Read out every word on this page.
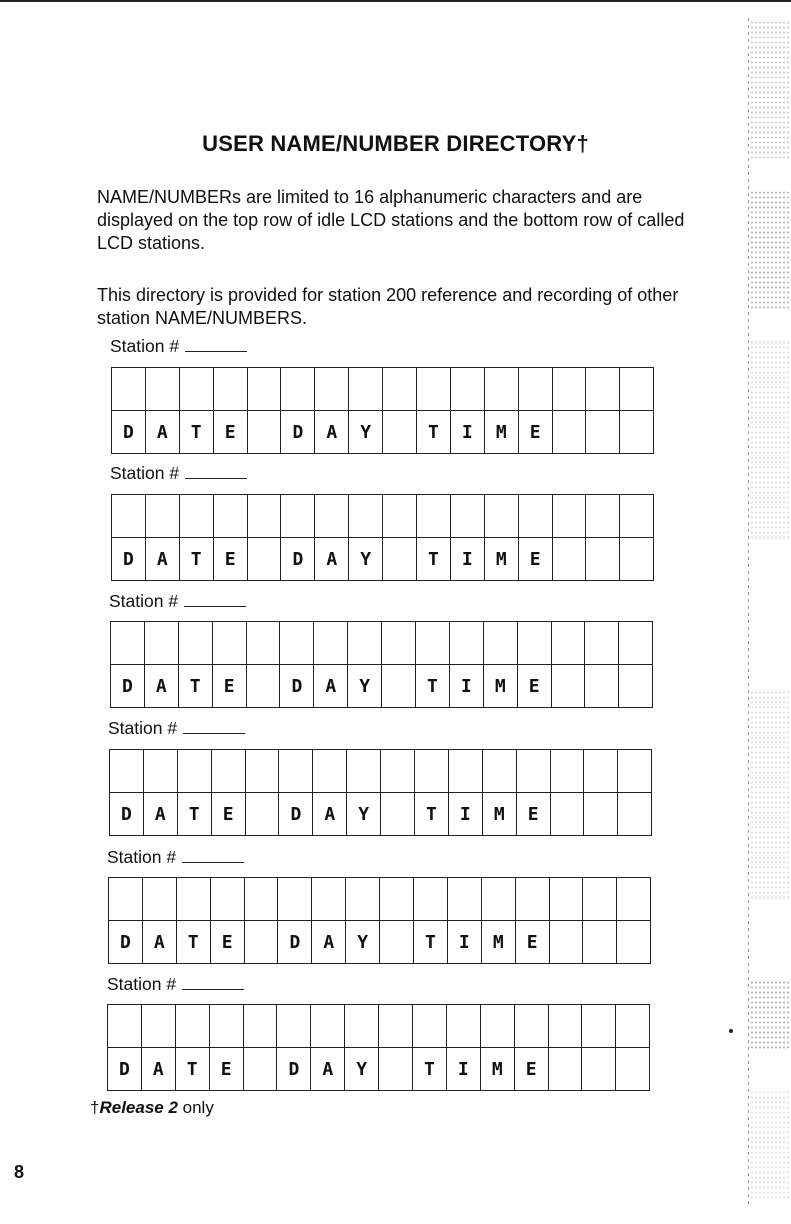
USER NAME/NUMBER DIRECTORY†
NAME/NUMBERs are limited to 16 alphanumeric characters and are displayed on the top row of idle LCD stations and the bottom row of called LCD stations.
This directory is provided for station 200 reference and recording of other station NAME/NUMBERS.
Station #

D	A	T	E		D	A	Y		T	I	M	E			
Station #

D	A	T	E		D	A	Y		T	I	M	E			
Station #

D	A	T	E		D	A	Y		T	I	M	E			
Station #

D	A	T	E		D	A	Y		T	I	M	E			
Station #

D	A	T	E		D	A	Y		T	I	M	E			
Station #

D	A	T	E		D	A	Y		T	I	M	E			
†Release 2 only
8
